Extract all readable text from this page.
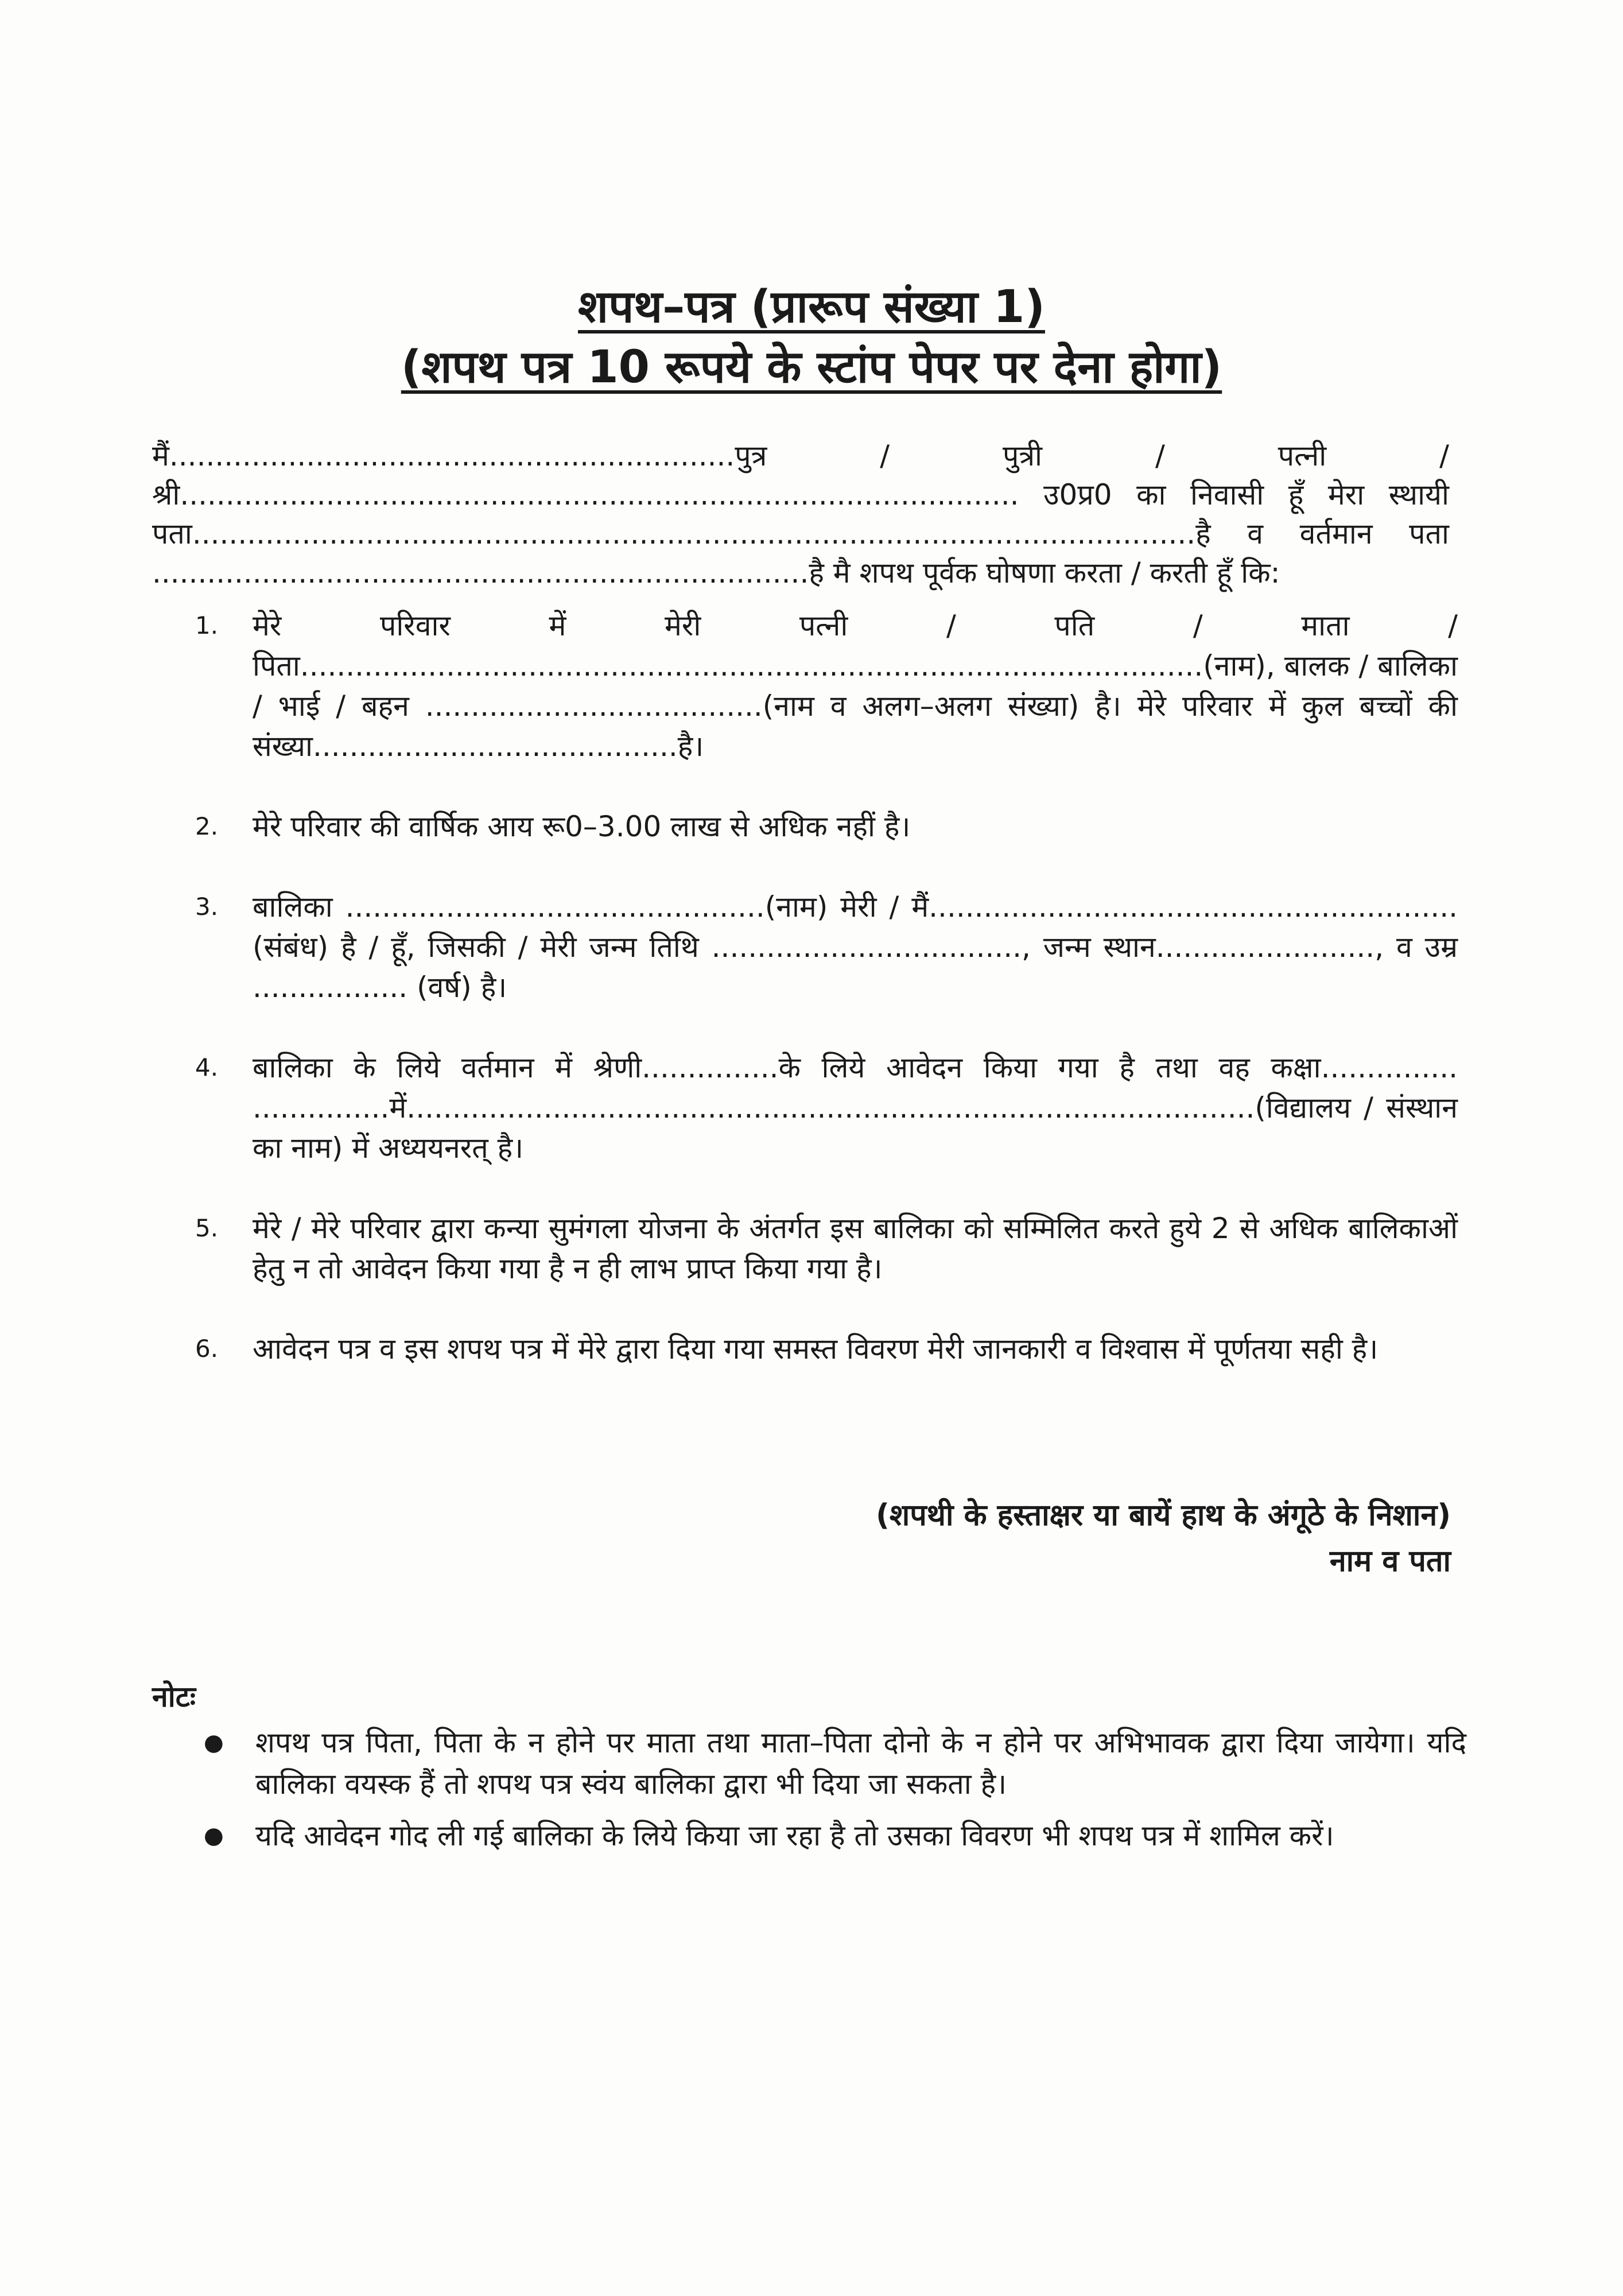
शपथ–पत्र (प्रारूप संख्या 1)
(शपथ पत्र 10 रूपये के स्टांप पेपर पर देना होगा)
मैं..............................................................पुत्र / पुत्री / पत्नी / श्री............................................................................................ उ0प्र0 का निवासी हूँ मेरा स्थायी पता..............................................................................................................है व वर्तमान पता ........................................................................है मै शपथ पूर्वक घोषणा करता / करती हूँ कि:
1.	मेरे परिवार में मेरी पत्नी / पति / माता / पिता...................................................................................................(नाम), बालक / बालिका / भाई / बहन .....................................(नाम व अलग–अलग संख्या) है। मेरे परिवार में कुल बच्चों की संख्या........................................है।
2.	मेरे परिवार की वार्षिक आय रू0–3.00 लाख से अधिक नहीं है।
3.	बालिका ..............................................(नाम) मेरी / मैं..........................................................(संबंध) है / हूँ, जिसकी / मेरी जन्म तिथि .................................., जन्म स्थान........................, व उम्र ................. (वर्ष) है।
4.	बालिका के लिये वर्तमान में श्रेणी...............के लिये आवेदन किया गया है तथा वह कक्षा............... ...............में.............................................................................................(विद्यालय / संस्थान का नाम) में अध्ययनरत् है।
5.	मेरे / मेरे परिवार द्वारा कन्या सुमंगला योजना के अंतर्गत इस बालिका को सम्मिलित करते हुये 2 से अधिक बालिकाओं हेतु न तो आवेदन किया गया है न ही लाभ प्राप्त किया गया है।
6.	आवेदन पत्र व इस शपथ पत्र में मेरे द्वारा दिया गया समस्त विवरण मेरी जानकारी व विश्वास में पूर्णतया सही है।
(शपथी के हस्ताक्षर या बायें हाथ के अंगूठे के निशान)
नाम व पता
नोटः
●	शपथ पत्र पिता, पिता के न होने पर माता तथा माता–पिता दोनो के न होने पर अभिभावक द्वारा दिया जायेगा। यदि बालिका वयस्क हैं तो शपथ पत्र स्वंय बालिका द्वारा भी दिया जा सकता है।
●	यदि आवेदन गोद ली गई बालिका के लिये किया जा रहा है तो उसका विवरण भी शपथ पत्र में शामिल करें।
